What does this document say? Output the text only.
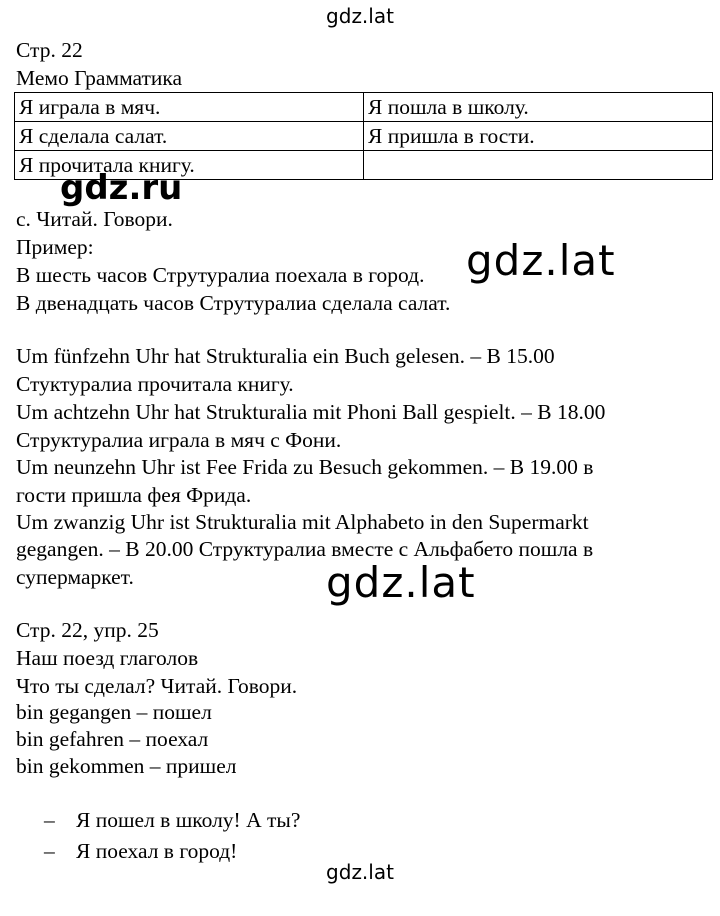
gdz.lat
Стр. 22
Мемо Грамматика
Я играла в мяч.	Я пошла в школу.
Я сделала салат.	Я пришла в гости.
Я прочитала книгу.	
gdz.ru
с. Читай. Говори.
Пример:
В шесть часов Струтуралиа поехала в город.
В двенадцать часов Струтуралиа сделала салат.
gdz.lat
Um fünfzehn Uhr hat Strukturalia ein Buch gelesen. – В 15.00
Стуктуралиа прочитала книгу.
Um achtzehn Uhr hat Strukturalia mit Phoni Ball gespielt. – В 18.00
Структуралиа играла в мяч с Фони.
Um neunzehn Uhr ist Fee Frida zu Besuch gekommen. – В 19.00 в
гости пришла фея Фрида.
Um zwanzig Uhr ist Strukturalia mit Alphabeto in den Supermarkt
gegangen. – В 20.00 Структуралиа вместе с Альфабето пошла в
супермаркет.	gdz.lat
Стр. 22, упр. 25
Наш поезд глаголов
Что ты сделал? Читай. Говори.
bin gegangen – пошел
bin gefahren – поехал
bin gekommen – пришел
– Я пошел в школу! А ты?
– Я поехал в город!
gdz.lat
